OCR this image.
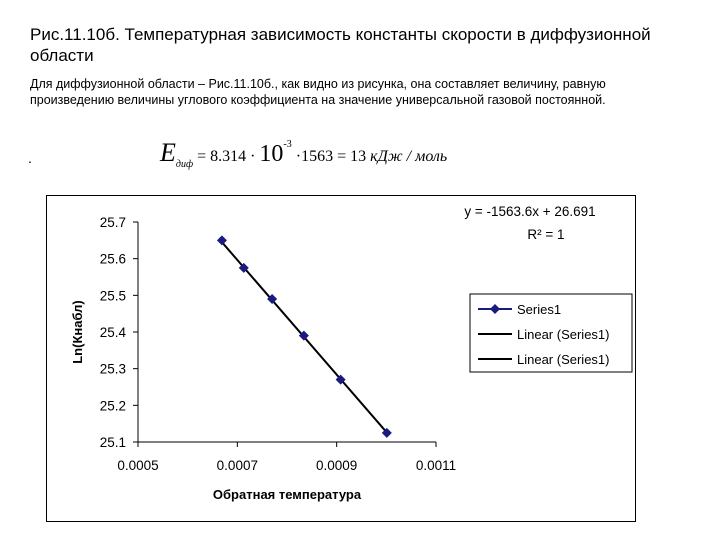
Рис.11.10б. Температурная зависимость константы скорости в диффузионной области
Для диффузионной области – Рис.11.10б., как видно из рисунка, она составляет величину, равную произведению величины углового коэффициента на значение универсальной газовой постоянной.
.	$E_{диф} = 8.314 \cdot 10^{-3} \cdot 1563 = 13$ кДж / моль
25.7
25.6
25.5
25.4
25.3
25.2
25.1
0.0005	0.0007	0.0009	0.0011
Обратная температура
Ln(Кнабл)
y = -1563.6x + 26.691
R² = 1
Series1
Linear (Series1)
Linear (Series1)
